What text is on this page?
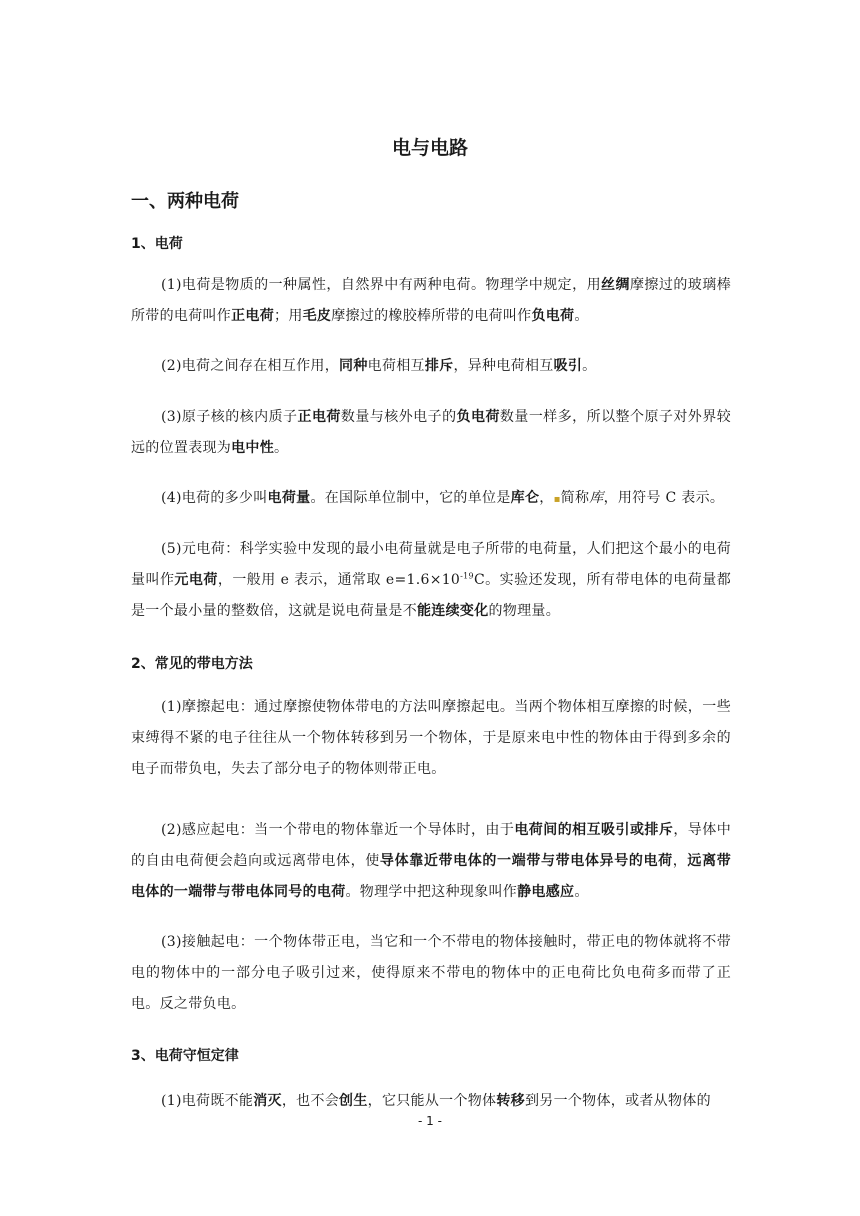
电与电路
一、两种电荷
1、电荷
(1)电荷是物质的一种属性，自然界中有两种电荷。物理学中规定，用丝绸摩擦过的玻璃棒所带的电荷叫作正电荷；用毛皮摩擦过的橡胶棒所带的电荷叫作负电荷。
(2)电荷之间存在相互作用，同种电荷相互排斥，异种电荷相互吸引。
(3)原子核的核内质子正电荷数量与核外电子的负电荷数量一样多，所以整个原子对外界较远的位置表现为电中性。
(4)电荷的多少叫电荷量。在国际单位制中，它的单位是库仑，▪简称库，用符号 C 表示。
(5)元电荷：科学实验中发现的最小电荷量就是电子所带的电荷量，人们把这个最小的电荷量叫作元电荷，一般用 e 表示，通常取 $e=1.6\times 10^{-19}C$。实验还发现，所有带电体的电荷量都是一个最小量的整数倍，这就是说电荷量是不能连续变化的物理量。
2、常见的带电方法
(1)摩擦起电：通过摩擦使物体带电的方法叫摩擦起电。当两个物体相互摩擦的时候，一些束缚得不紧的电子往往从一个物体转移到另一个物体，于是原来电中性的物体由于得到多余的电子而带负电，失去了部分电子的物体则带正电。
(2)感应起电：当一个带电的物体靠近一个导体时，由于电荷间的相互吸引或排斥，导体中的自由电荷便会趋向或远离带电体，使导体靠近带电体的一端带与带电体异号的电荷，远离带电体的一端带与带电体同号的电荷。物理学中把这种现象叫作静电感应。
(3)接触起电：一个物体带正电，当它和一个不带电的物体接触时，带正电的物体就将不带电的物体中的一部分电子吸引过来，使得原来不带电的物体中的正电荷比负电荷多而带了正电。反之带负电。
3、电荷守恒定律
(1)电荷既不能消灭，也不会创生，它只能从一个物体转移到另一个物体，或者从物体的
- 1 -
